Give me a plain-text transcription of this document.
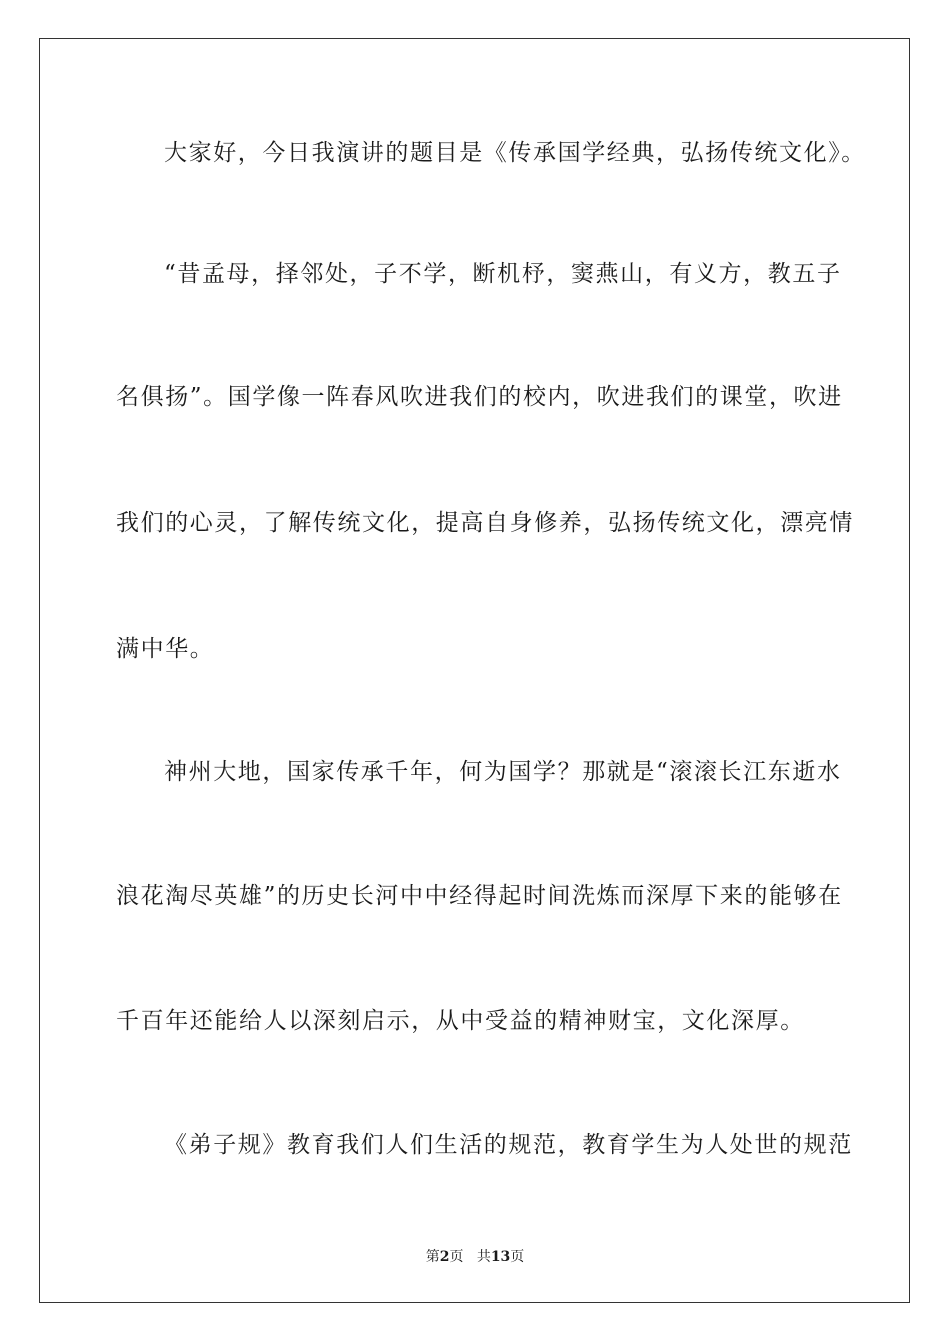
大家好，今日我演讲的题目是《传承国学经典，弘扬传统文化》。
“昔孟母，择邻处，子不学，断机杼，窦燕山，有义方，教五子
名俱扬”。国学像一阵春风吹进我们的校内，吹进我们的课堂，吹进
我们的心灵，了解传统文化，提高自身修养，弘扬传统文化，漂亮情
满中华。
神州大地，国家传承千年，何为国学？那就是“滚滚长江东逝水
浪花淘尽英雄”的历史长河中中经得起时间洗炼而深厚下来的能够在
千百年还能给人以深刻启示，从中受益的精神财宝，文化深厚。
《弟子规》教育我们人们生活的规范，教育学生为人处世的规范
第2页 共13页
